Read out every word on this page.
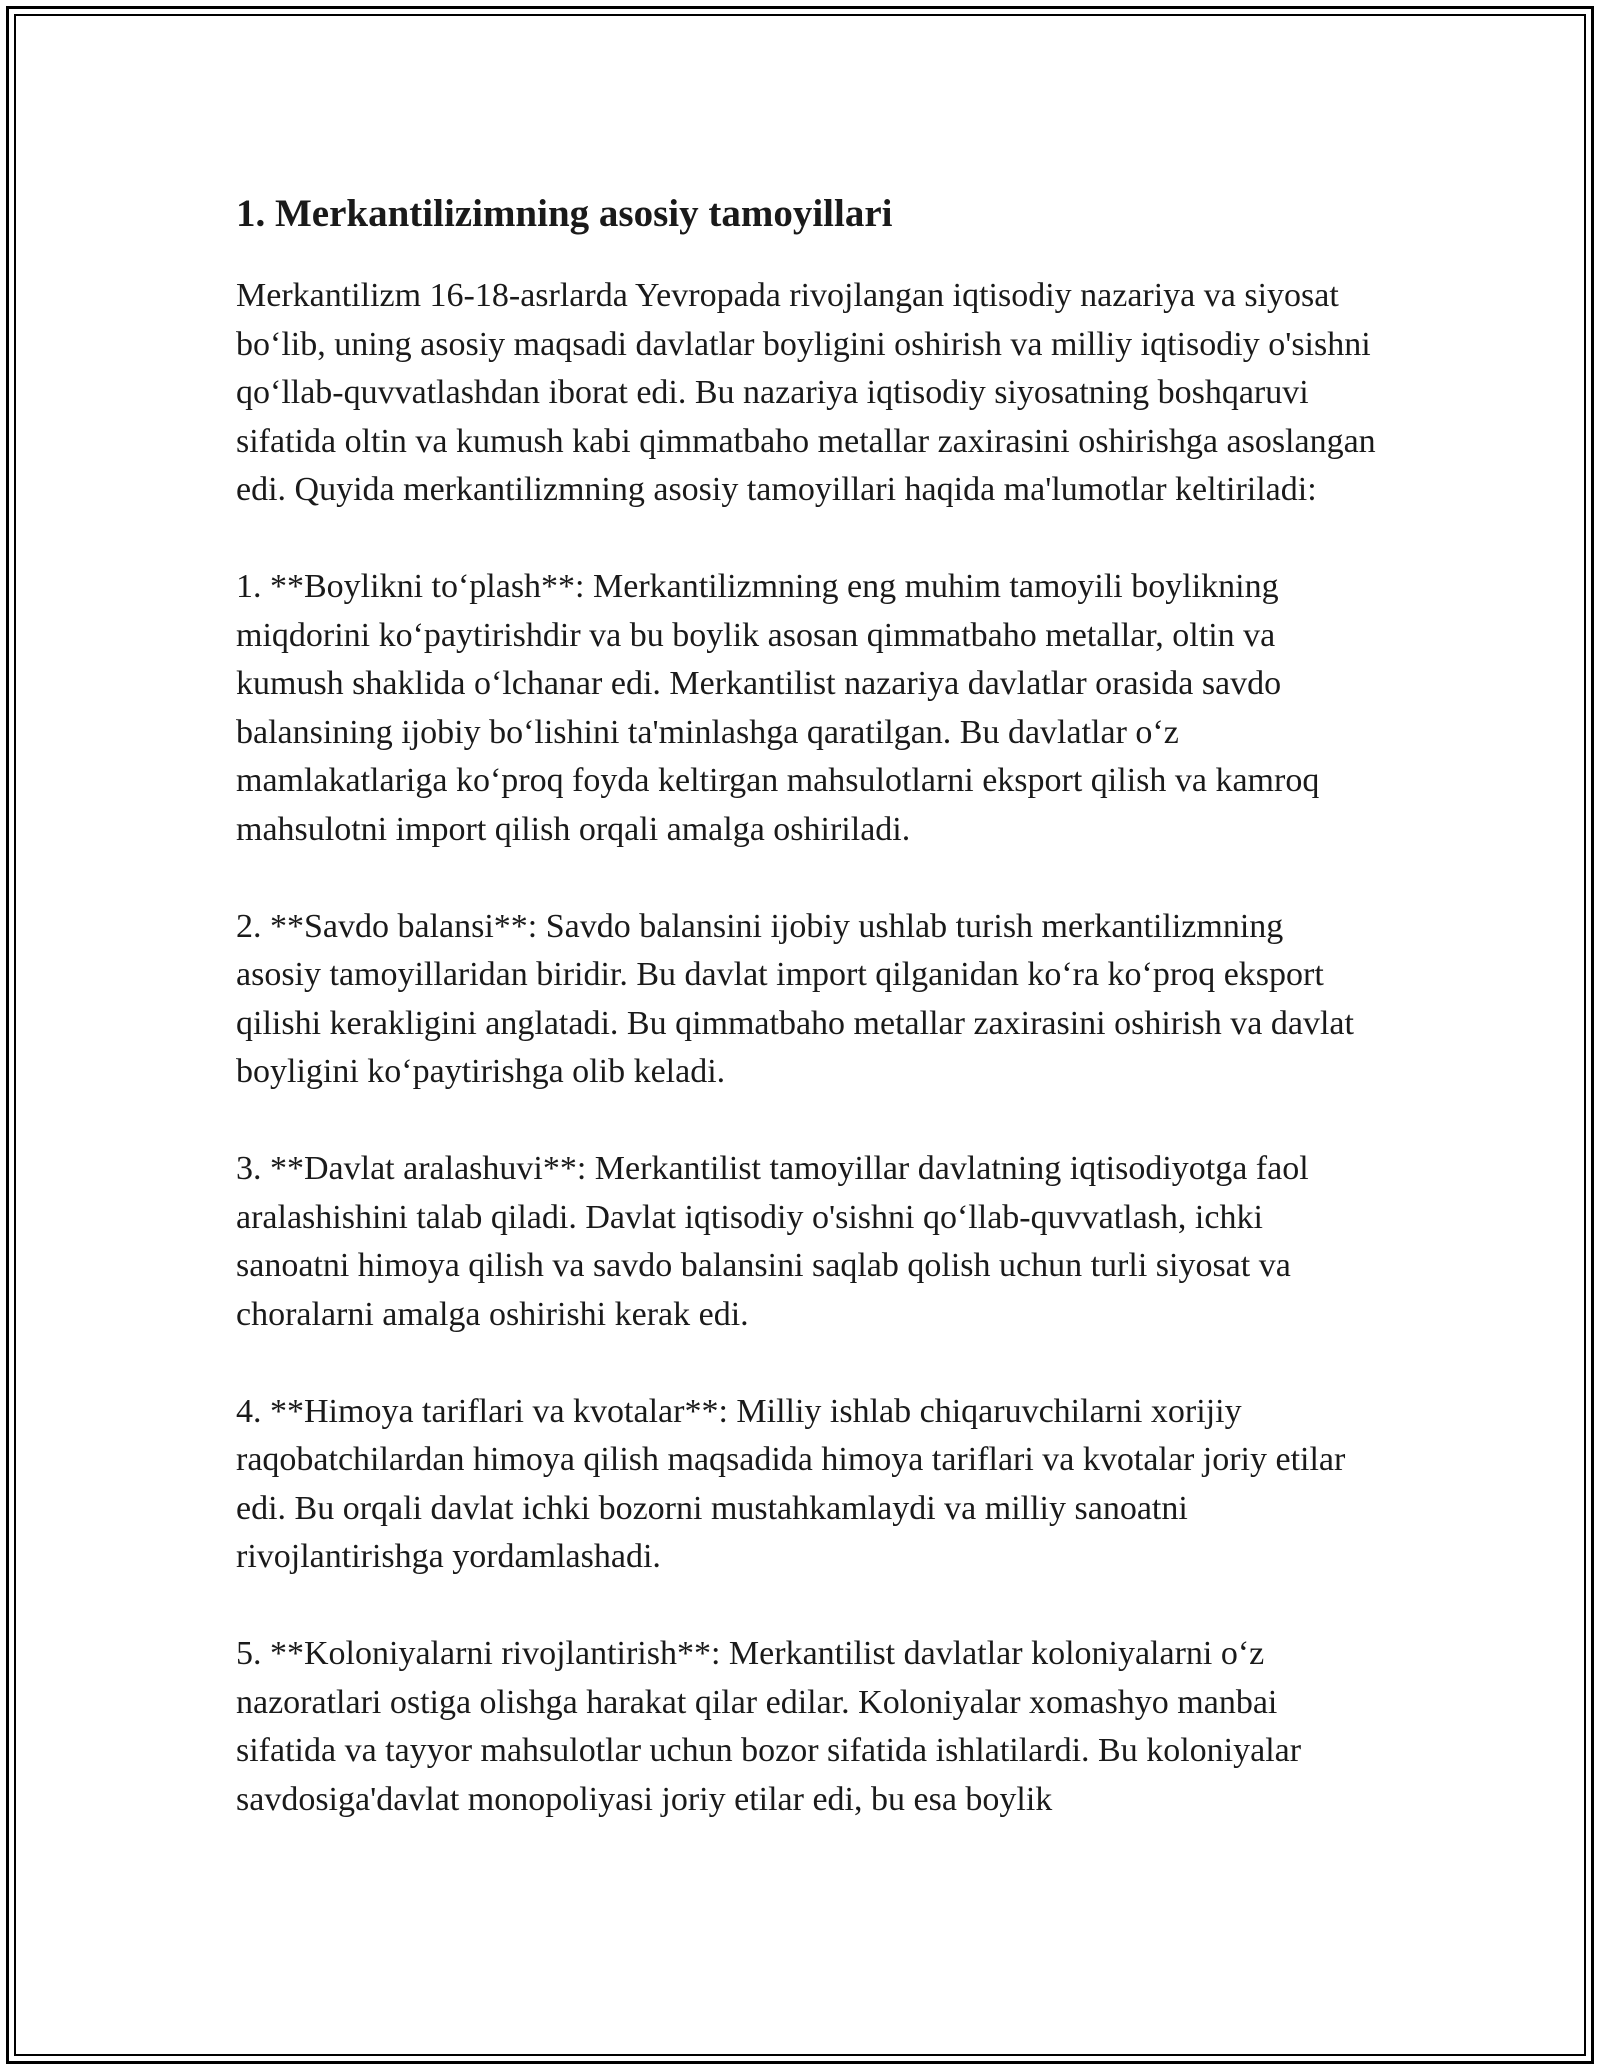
1. Merkantilizimning asosiy tamoyillari

Merkantilizm 16-18-asrlarda Yevropada rivojlangan iqtisodiy nazariya va siyosat bo‘lib, uning asosiy maqsadi davlatlar boyligini oshirish va milliy iqtisodiy o'sishni qo‘llab-quvvatlashdan iborat edi. Bu nazariya iqtisodiy siyosatning boshqaruvi sifatida oltin va kumush kabi qimmatbaho metallar zaxirasini oshirishga asoslangan edi. Quyida merkantilizmning asosiy tamoyillari haqida ma'lumotlar keltiriladi:

1. **Boylikni to‘plash**: Merkantilizmning eng muhim tamoyili boylikning miqdorini ko‘paytirishdir va bu boylik asosan qimmatbaho metallar, oltin va kumush shaklida o‘lchanar edi. Merkantilist nazariya davlatlar orasida savdo balansining ijobiy bo‘lishini ta'minlashga qaratilgan. Bu davlatlar o‘z mamlakatlariga ko‘proq foyda keltirgan mahsulotlarni eksport qilish va kamroq mahsulotni import qilish orqali amalga oshiriladi.

2. **Savdo balansi**: Savdo balansini ijobiy ushlab turish merkantilizmning asosiy tamoyillaridan biridir. Bu davlat import qilganidan ko‘ra ko‘proq eksport qilishi kerakligini anglatadi. Bu qimmatbaho metallar zaxirasini oshirish va davlat boyligini ko‘paytirishga olib keladi.

3. **Davlat aralashuvi**: Merkantilist tamoyillar davlatning iqtisodiyotga faol aralashishini talab qiladi. Davlat iqtisodiy o'sishni qo‘llab-quvvatlash, ichki sanoatni himoya qilish va savdo balansini saqlab qolish uchun turli siyosat va choralarni amalga oshirishi kerak edi.

4. **Himoya tariflari va kvotalar**: Milliy ishlab chiqaruvchilarni xorijiy raqobatchilardan himoya qilish maqsadida himoya tariflari va kvotalar joriy etilar edi. Bu orqali davlat ichki bozorni mustahkamlaydi va milliy sanoatni rivojlantirishga yordamlashadi.

5. **Koloniyalarni rivojlantirish**: Merkantilist davlatlar koloniyalarni o‘z nazoratlari ostiga olishga harakat qilar edilar. Koloniyalar xomashyo manbai sifatida va tayyor mahsulotlar uchun bozor sifatida ishlatilardi. Bu koloniyalar savdosiga'davlat monopoliyasi joriy etilar edi, bu esa boylik
